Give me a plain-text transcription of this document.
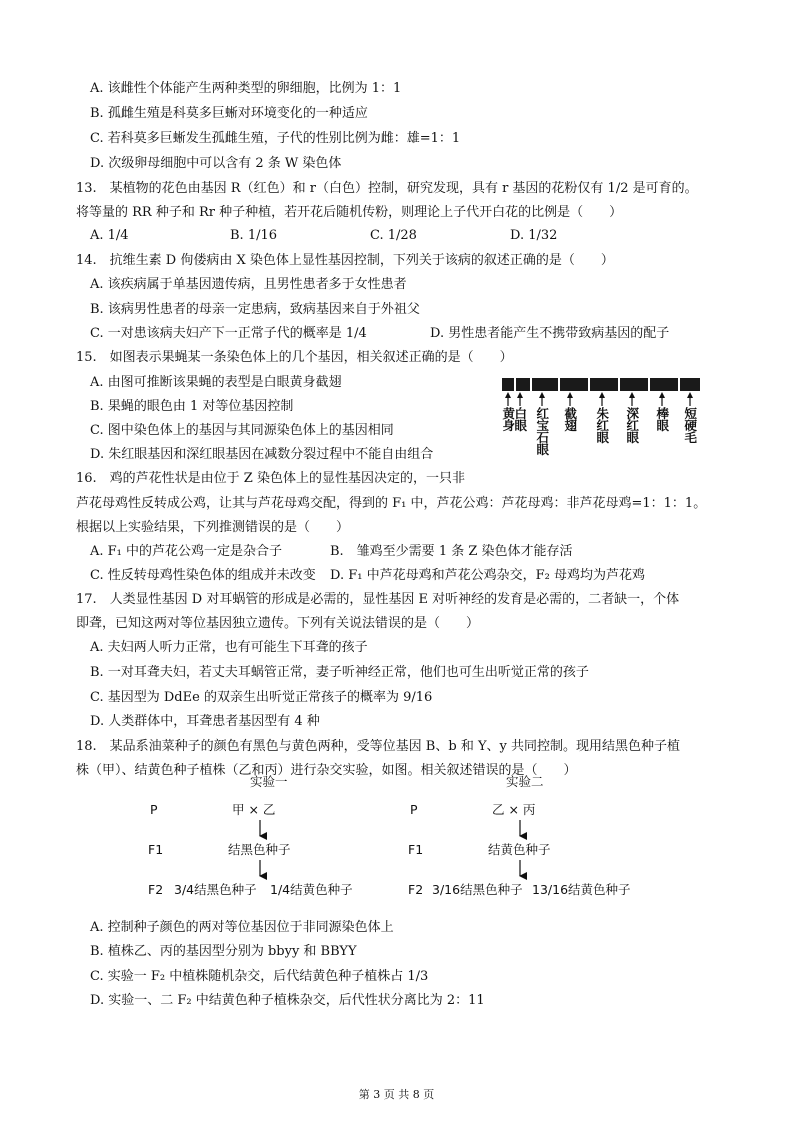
A. 该雌性个体能产生两种类型的卵细胞，比例为 1：1
B. 孤雌生殖是科莫多巨蜥对环境变化的一种适应
C. 若科莫多巨蜥发生孤雌生殖，子代的性别比例为雌：雄=1：1
D. 次级卵母细胞中可以含有 2 条 W 染色体
13.　某植物的花色由基因 R（红色）和 r（白色）控制，研究发现，具有 r 基因的花粉仅有 1/2 是可育的。
将等量的 RR 种子和 Rr 种子种植，若开花后随机传粉，则理论上子代开白花的比例是（　　）
A. 1/4	B. 1/16	C. 1/28	D. 1/32
14.　抗维生素 D 佝偻病由 X 染色体上显性基因控制，下列关于该病的叙述正确的是（　　）
A. 该疾病属于单基因遗传病，且男性患者多于女性患者
B. 该病男性患者的母亲一定患病，致病基因来自于外祖父
C. 一对患该病夫妇产下一正常子代的概率是 1/4	D. 男性患者能产生不携带致病基因的配子
15.　如图表示果蝇某一条染色体上的几个基因，相关叙述正确的是（　　）
A. 由图可推断该果蝇的表型是白眼黄身截翅
B. 果蝇的眼色由 1 对等位基因控制
C. 图中染色体上的基因与其同源染色体上的基因相同
D. 朱红眼基因和深红眼基因在减数分裂过程中不能自由组合
黄身
白眼
红宝石眼
截翅
朱红眼
深红眼
棒眼
短硬毛
16.　鸡的芦花性状是由位于 Z 染色体上的显性基因决定的，一只非
芦花母鸡性反转成公鸡，让其与芦花母鸡交配，得到的 F₁ 中，芦花公鸡：芦花母鸡：非芦花母鸡=1：1：1。
根据以上实验结果，下列推测错误的是（　　）
A. F₁ 中的芦花公鸡一定是杂合子	B.　雏鸡至少需要 1 条 Z 染色体才能存活
C. 性反转母鸡性染色体的组成并未改变 D. F₁ 中芦花母鸡和芦花公鸡杂交，F₂ 母鸡均为芦花鸡
17.　人类显性基因 D 对耳蜗管的形成是必需的，显性基因 E 对听神经的发育是必需的，二者缺一，个体
即聋，已知这两对等位基因独立遗传。下列有关说法错误的是（　　）
A. 夫妇两人听力正常，也有可能生下耳聋的孩子
B. 一对耳聋夫妇，若丈夫耳蜗管正常，妻子听神经正常，他们也可生出听觉正常的孩子
C. 基因型为 DdEe 的双亲生出听觉正常孩子的概率为 9/16
D. 人类群体中，耳聋患者基因型有 4 种
18.　某品系油菜种子的颜色有黑色与黄色两种，受等位基因 B、b 和 Y、y 共同控制。现用结黑色种子植
株（甲）、结黄色种子植株（乙和丙）进行杂交实验，如图。相关叙述错误的是（　　）
实验一
P	甲 × 乙
F1	结黑色种子
F2 3/4结黑色种子 1/4结黄色种子
实验二
P	乙 × 丙
F1	结黄色种子
F2 3/16结黑色种子 13/16结黄色种子
A. 控制种子颜色的两对等位基因位于非同源染色体上
B. 植株乙、丙的基因型分别为 bbyy 和 BBYY
C. 实验一 F₂ 中植株随机杂交，后代结黄色种子植株占 1/3
D. 实验一、二 F₂ 中结黄色种子植株杂交，后代性状分离比为 2：11
第 3 页 共 8 页
